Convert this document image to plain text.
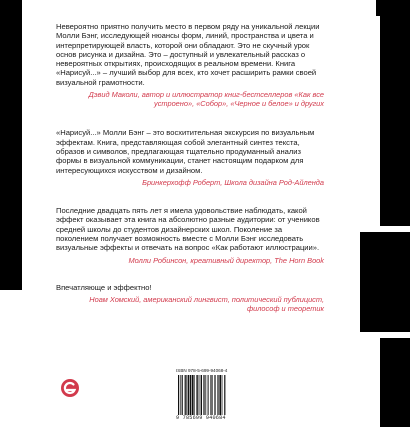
Невероятно приятно получить место в первом ряду на уникальной лекции Молли Бэнг, исследующей нюансы форм, линий, пространства и цвета и интерпретирующей власть, которой они обладают. Это не скучный урок основ рисунка и дизайна. Это – доступный и увлекательный рассказ о невероятных открытиях, происходящих в реальном времени. Книга «Нарисуй...» – лучший выбор для всех, кто хочет расширить рамки своей визуальной грамотности.

Дэвид Маколи, автор и иллюстратор книг-бестселлеров «Как все устроено», «Собор», «Черное и белое» и других

«Нарисуй...» Молли Бэнг – это восхитительная экскурсия по визуальным эффектам. Книга, представляющая собой элегантный синтез текста, образов и символов, предлагающая тщательно продуманный анализ формы в визуальной коммуникации, станет настоящим подарком для интересующихся искусством и дизайном.

Бринкерхофф Роберт, Школа дизайна Род-Айленда

Последние двадцать пять лет я имела удовольствие наблюдать, какой эффект оказывает эта книга на абсолютно разные аудитории: от учеников средней школы до студентов дизайнерских школ. Поколение за поколением получает возможность вместе с Молли Бэнг исследовать визуальные эффекты и отвечать на вопрос «Как работают иллюстрации».

Молли Робинсон, креативный директор, The Horn Book

Впечатляюще и эффектно!

Ноам Хомский, американский лингвист, политический публицист, философ и теоретик

ISBN 978-5-699-94068-4
9 785699 940684
